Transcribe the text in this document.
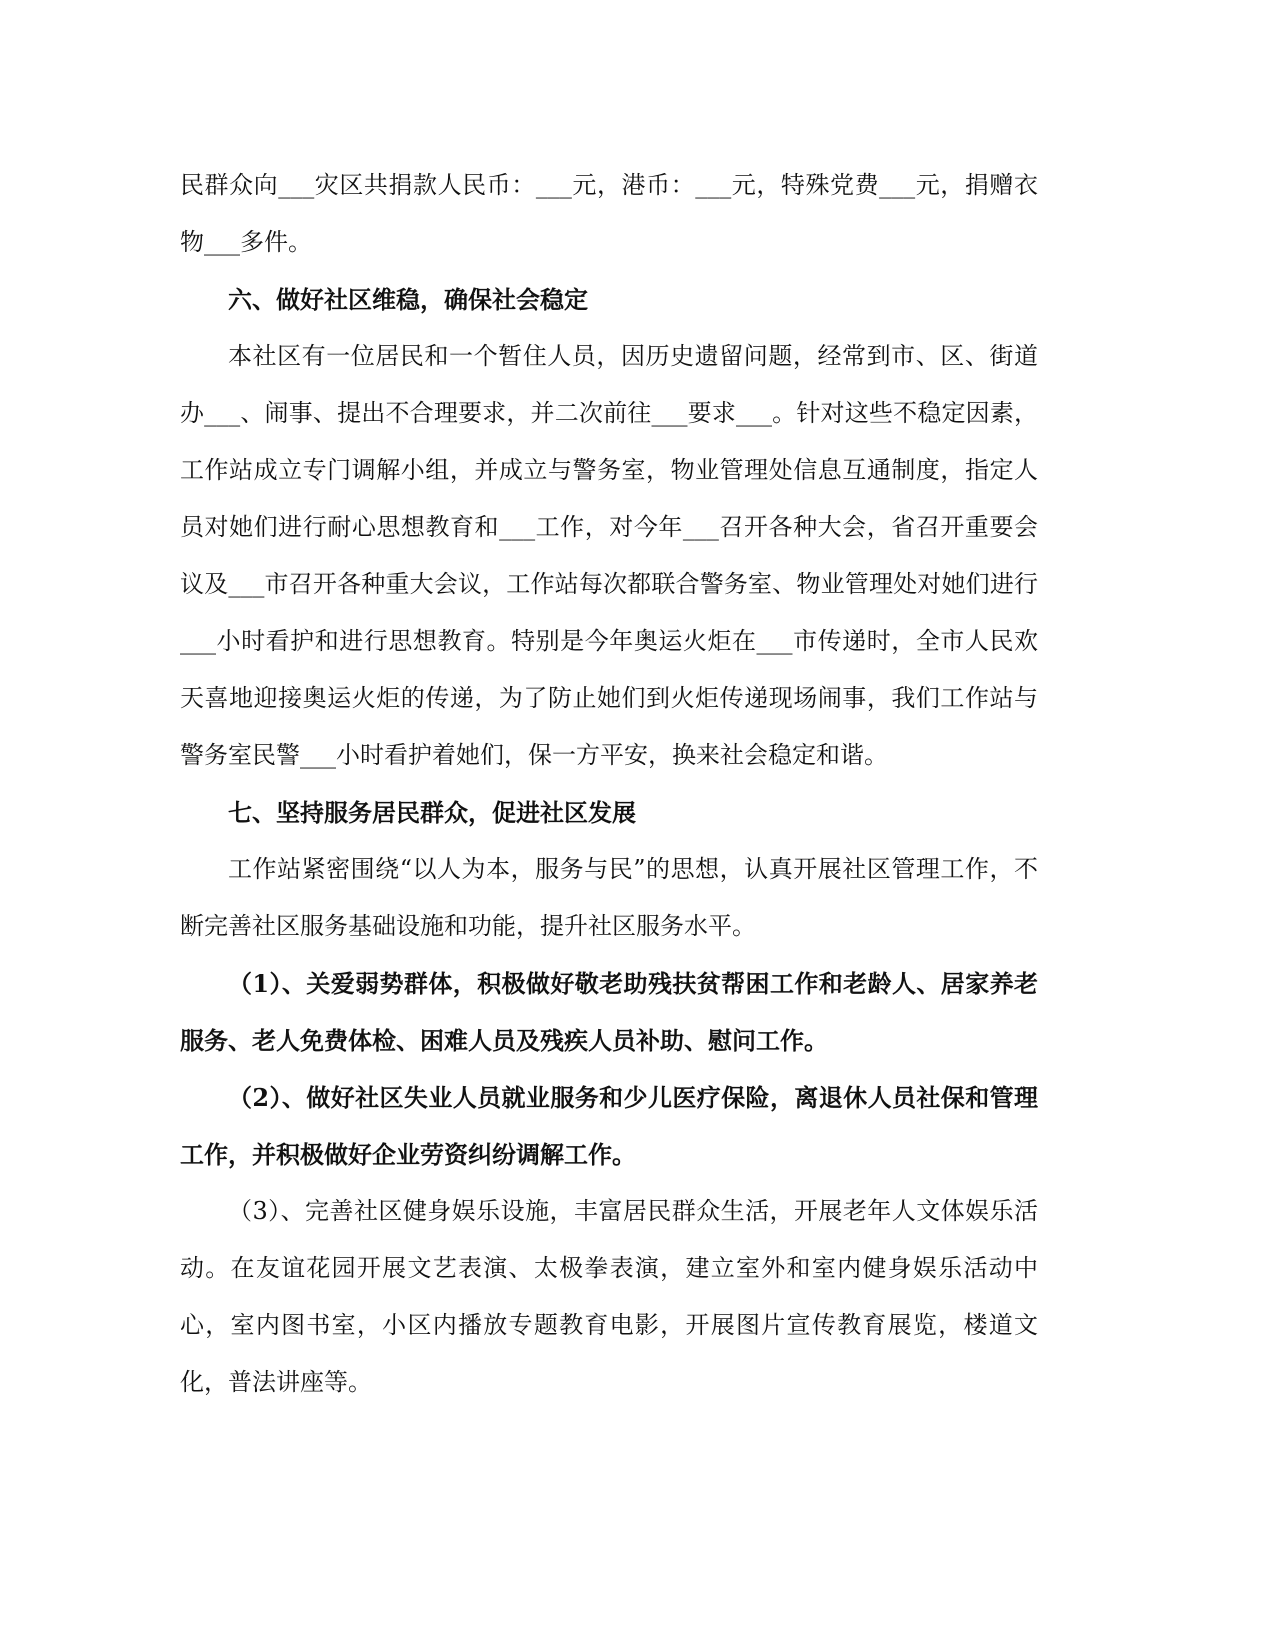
民群众向___灾区共捐款人民币：___元，港币：___元，特殊党费___元，捐赠衣物___多件。

六、做好社区维稳，确保社会稳定

本社区有一位居民和一个暂住人员，因历史遗留问题，经常到市、区、街道办___、闹事、提出不合理要求，并二次前往___要求___。针对这些不稳定因素，工作站成立专门调解小组，并成立与警务室，物业管理处信息互通制度，指定人员对她们进行耐心思想教育和___工作，对今年___召开各种大会，省召开重要会议及___市召开各种重大会议，工作站每次都联合警务室、物业管理处对她们进行___小时看护和进行思想教育。特别是今年奥运火炬在___市传递时，全市人民欢天喜地迎接奥运火炬的传递，为了防止她们到火炬传递现场闹事，我们工作站与警务室民警___小时看护着她们，保一方平安，换来社会稳定和谐。

七、坚持服务居民群众，促进社区发展

工作站紧密围绕“以人为本，服务与民”的思想，认真开展社区管理工作，不断完善社区服务基础设施和功能，提升社区服务水平。

（1）、关爱弱势群体，积极做好敬老助残扶贫帮困工作和老龄人、居家养老服务、老人免费体检、困难人员及残疾人员补助、慰问工作。

（2）、做好社区失业人员就业服务和少儿医疗保险，离退休人员社保和管理工作，并积极做好企业劳资纠纷调解工作。

（3）、完善社区健身娱乐设施，丰富居民群众生活，开展老年人文体娱乐活动。在友谊花园开展文艺表演、太极拳表演，建立室外和室内健身娱乐活动中心，室内图书室，小区内播放专题教育电影，开展图片宣传教育展览，楼道文化，普法讲座等。
